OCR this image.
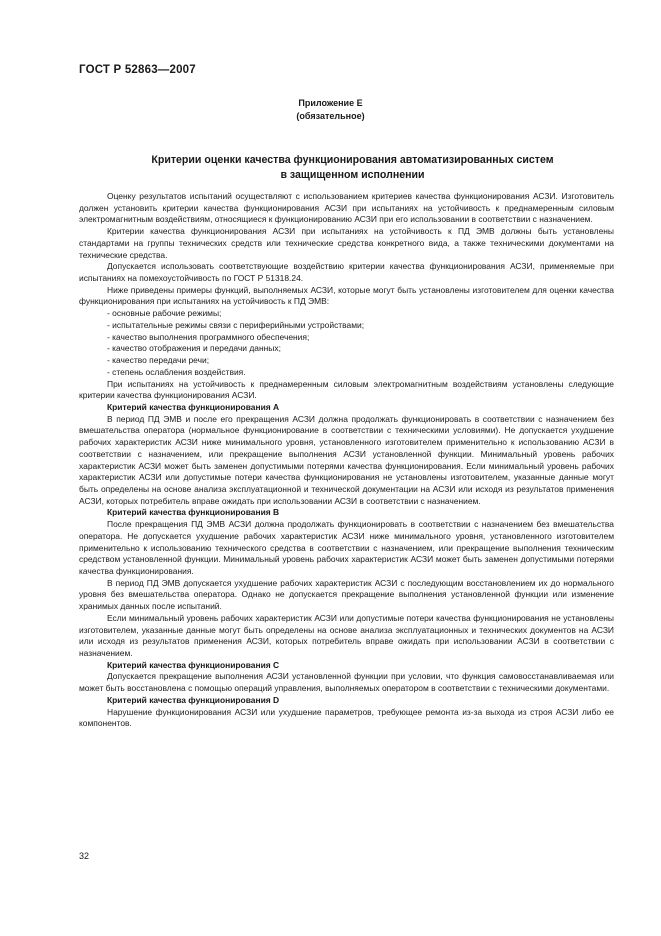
ГОСТ Р 52863—2007
Приложение Е
(обязательное)
Критерии оценки качества функционирования автоматизированных систем
в защищенном исполнении

Оценку результатов испытаний осуществляют с использованием критериев качества функционирования АСЗИ. Изготовитель должен установить критерии качества функционирования АСЗИ при испытаниях на устойчивость к преднамеренным силовым электромагнитным воздействиям, относящиеся к функционированию АСЗИ при его использовании в соответствии с назначением.

Критерии качества функционирования АСЗИ при испытаниях на устойчивость к ПД ЭМВ должны быть установлены стандартами на группы технических средств или технические средства конкретного вида, а также техническими документами на технические средства.

Допускается использовать соответствующие воздействию критерии качества функционирования АСЗИ, применяемые при испытаниях на помехоустойчивость по ГОСТ Р 51318.24.

Ниже приведены примеры функций, выполняемых АСЗИ, которые могут быть установлены изготовителем для оценки качества функционирования при испытаниях на устойчивость к ПД ЭМВ:

- основные рабочие режимы;

- испытательные режимы связи с периферийными устройствами;

- качество выполнения программного обеспечения;

- качество отображения и передачи данных;

- качество передачи речи;

- степень ослабления воздействия.

При испытаниях на устойчивость к преднамеренным силовым электромагнитным воздействиям установлены следующие критерии качества функционирования АСЗИ.

Критерий качества функционирования А

В период ПД ЭМВ и после его прекращения АСЗИ должна продолжать функционировать в соответствии с назначением без вмешательства оператора (нормальное функционирование в соответствии с техническими условиями). Не допускается ухудшение рабочих характеристик АСЗИ ниже минимального уровня, установленного изготовителем применительно к использованию АСЗИ в соответствии с назначением, или прекращение выполнения АСЗИ установленной функции. Минимальный уровень рабочих характеристик АСЗИ может быть заменен допустимыми потерями качества функционирования. Если минимальный уровень рабочих характеристик АСЗИ или допустимые потери качества функционирования не установлены изготовителем, указанные данные могут быть определены на основе анализа эксплуатационной и технической документации на АСЗИ или исходя из результатов применения АСЗИ, которых потребитель вправе ожидать при использовании АСЗИ в соответствии с назначением.

Критерий качества функционирования В

После прекращения ПД ЭМВ АСЗИ должна продолжать функционировать в соответствии с назначением без вмешательства оператора. Не допускается ухудшение рабочих характеристик АСЗИ ниже минимального уровня, установленного изготовителем применительно к использованию технического средства в соответствии с назначением, или прекращение выполнения техническим средством установленной функции. Минимальный уровень рабочих характеристик АСЗИ может быть заменен допустимыми потерями качества функционирования.

В период ПД ЭМВ допускается ухудшение рабочих характеристик АСЗИ с последующим восстановлением их до нормального уровня без вмешательства оператора. Однако не допускается прекращение выполнения установленной функции или изменение хранимых данных после испытаний.

Если минимальный уровень рабочих характеристик АСЗИ или допустимые потери качества функционирования не установлены изготовителем, указанные данные могут быть определены на основе анализа эксплуатационных и технических документов на АСЗИ или исходя из результатов применения АСЗИ, которых потребитель вправе ожидать при использовании АСЗИ в соответствии с назначением.

Критерий качества функционирования С

Допускается прекращение выполнения АСЗИ установленной функции при условии, что функция самовосстанавливаемая или может быть восстановлена с помощью операций управления, выполняемых оператором в соответствии с техническими документами.

Критерий качества функционирования D

Нарушение функционирования АСЗИ или ухудшение параметров, требующее ремонта из-за выхода из строя АСЗИ либо ее компонентов.

32
